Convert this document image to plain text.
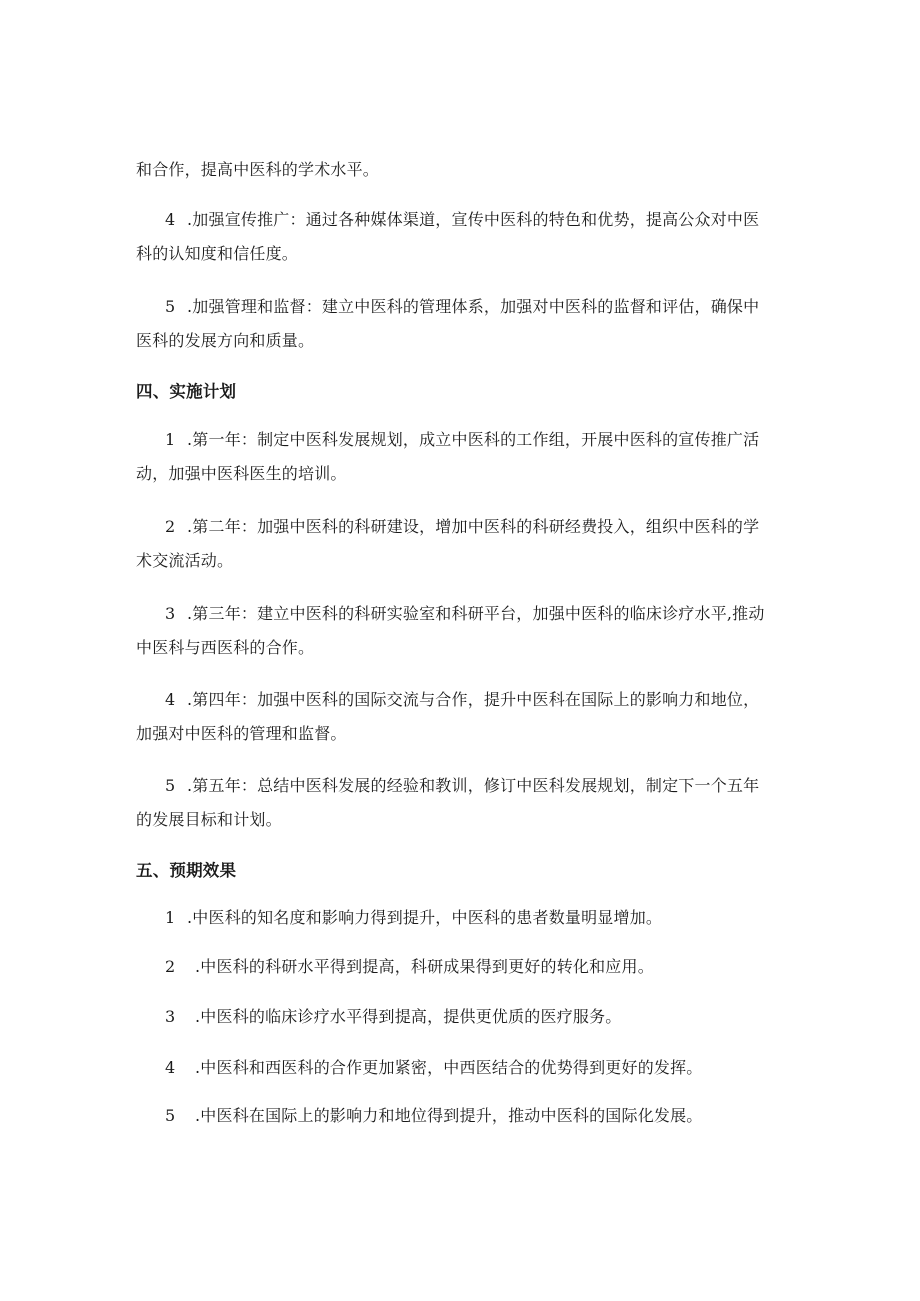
和合作，提高中医科的学术水平。
4 .加强宣传推广：通过各种媒体渠道，宣传中医科的特色和优势，提高公众对中医
科的认知度和信任度。
5 .加强管理和监督：建立中医科的管理体系，加强对中医科的监督和评估，确保中
医科的发展方向和质量。
四、实施计划
1 .第一年：制定中医科发展规划，成立中医科的工作组，开展中医科的宣传推广活
动，加强中医科医生的培训。
2 .第二年：加强中医科的科研建设，增加中医科的科研经费投入，组织中医科的学
术交流活动。
3 .第三年：建立中医科的科研实验室和科研平台，加强中医科的临床诊疗水平,推动
中医科与西医科的合作。
4 .第四年：加强中医科的国际交流与合作，提升中医科在国际上的影响力和地位，
加强对中医科的管理和监督。
5 .第五年：总结中医科发展的经验和教训，修订中医科发展规划，制定下一个五年
的发展目标和计划。
五、预期效果
1 .中医科的知名度和影响力得到提升，中医科的患者数量明显增加。
2 .中医科的科研水平得到提高，科研成果得到更好的转化和应用。
3 .中医科的临床诊疗水平得到提高，提供更优质的医疗服务。
4 .中医科和西医科的合作更加紧密，中西医结合的优势得到更好的发挥。
5 .中医科在国际上的影响力和地位得到提升，推动中医科的国际化发展。
